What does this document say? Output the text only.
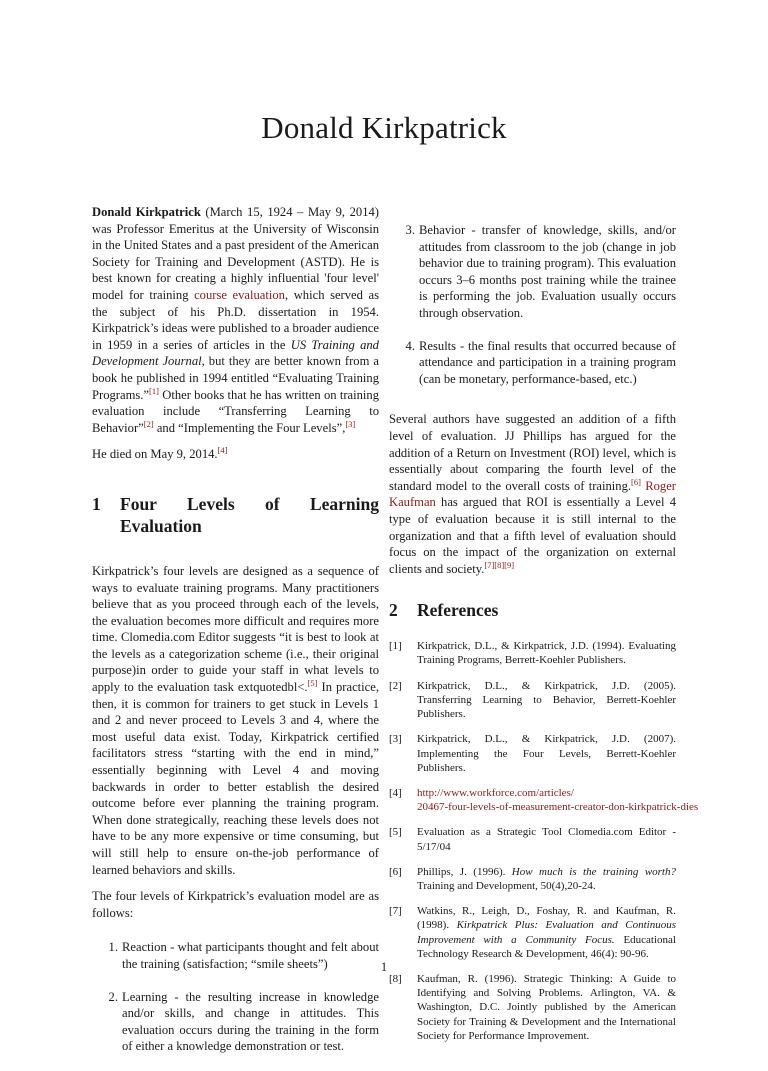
Donald Kirkpatrick

Donald Kirkpatrick (March 15, 1924 – May 9, 2014) was Professor Emeritus at the University of Wisconsin in the United States and a past president of the American Society for Training and Development (ASTD). He is best known for creating a highly influential 'four level' model for training course evaluation, which served as the subject of his Ph.D. dissertation in 1954. Kirkpatrick’s ideas were published to a broader audience in 1959 in a series of articles in the US Training and Development Journal, but they are better known from a book he published in 1994 entitled “Evaluating Training Programs.”[1] Other books that he has written on training evaluation include “Transferring Learning to Behavior”[2] and “Implementing the Four Levels”,[3]

He died on May 9, 2014.[4]

1	Four Levels of Learning Evaluation

Kirkpatrick’s four levels are designed as a sequence of ways to evaluate training programs. Many practitioners believe that as you proceed through each of the levels, the evaluation becomes more difficult and requires more time. Clomedia.com Editor suggests “it is best to look at the levels as a categorization scheme (i.e., their original purpose)in order to guide your staff in what levels to apply to the evaluation task extquotedbl<.[5] In practice, then, it is common for trainers to get stuck in Levels 1 and 2 and never proceed to Levels 3 and 4, where the most useful data exist. Today, Kirkpatrick certified facilitators stress “starting with the end in mind,” essentially beginning with Level 4 and moving backwards in order to better establish the desired outcome before ever planning the training program. When done strategically, reaching these levels does not have to be any more expensive or time consuming, but will still help to ensure on-the-job performance of learned behaviors and skills.

The four levels of Kirkpatrick’s evaluation model are as follows:

1. Reaction - what participants thought and felt about the training (satisfaction; “smile sheets”)
2. Learning - the resulting increase in knowledge and/or skills, and change in attitudes. This evaluation occurs during the training in the form of either a knowledge demonstration or test.
3. Behavior - transfer of knowledge, skills, and/or attitudes from classroom to the job (change in job behavior due to training program). This evaluation occurs 3–6 months post training while the trainee is performing the job. Evaluation usually occurs through observation.
4. Results - the final results that occurred because of attendance and participation in a training program (can be monetary, performance-based, etc.)

Several authors have suggested an addition of a fifth level of evaluation. JJ Phillips has argued for the addition of a Return on Investment (ROI) level, which is essentially about comparing the fourth level of the standard model to the overall costs of training.[6] Roger Kaufman has argued that ROI is essentially a Level 4 type of evaluation because it is still internal to the organization and that a fifth level of evaluation should focus on the impact of the organization on external clients and society.[7][8][9]

2	References
[1]	Kirkpatrick, D.L., & Kirkpatrick, J.D. (1994). Evaluating Training Programs, Berrett-Koehler Publishers.
[2]	Kirkpatrick, D.L., & Kirkpatrick, J.D. (2005). Transferring Learning to Behavior, Berrett-Koehler Publishers.
[3]	Kirkpatrick, D.L., & Kirkpatrick, J.D. (2007). Implementing the Four Levels, Berrett-Koehler Publishers.
[4]	http://www.workforce.com/articles/
20467-four-levels-of-measurement-creator-don-kirkpatrick-dies
[5]	Evaluation as a Strategic Tool Clomedia.com Editor - 5/17/04
[6]	Phillips, J. (1996). How much is the training worth? Training and Development, 50(4),20-24.
[7]	Watkins, R., Leigh, D., Foshay, R. and Kaufman, R. (1998). Kirkpatrick Plus: Evaluation and Continuous Improvement with a Community Focus. Educational Technology Research & Development, 46(4): 90-96.
[8]	Kaufman, R. (1996). Strategic Thinking: A Guide to Identifying and Solving Problems. Arlington, VA. & Washington, D.C. Jointly published by the American Society for Training & Development and the International Society for Performance Improvement.
1
